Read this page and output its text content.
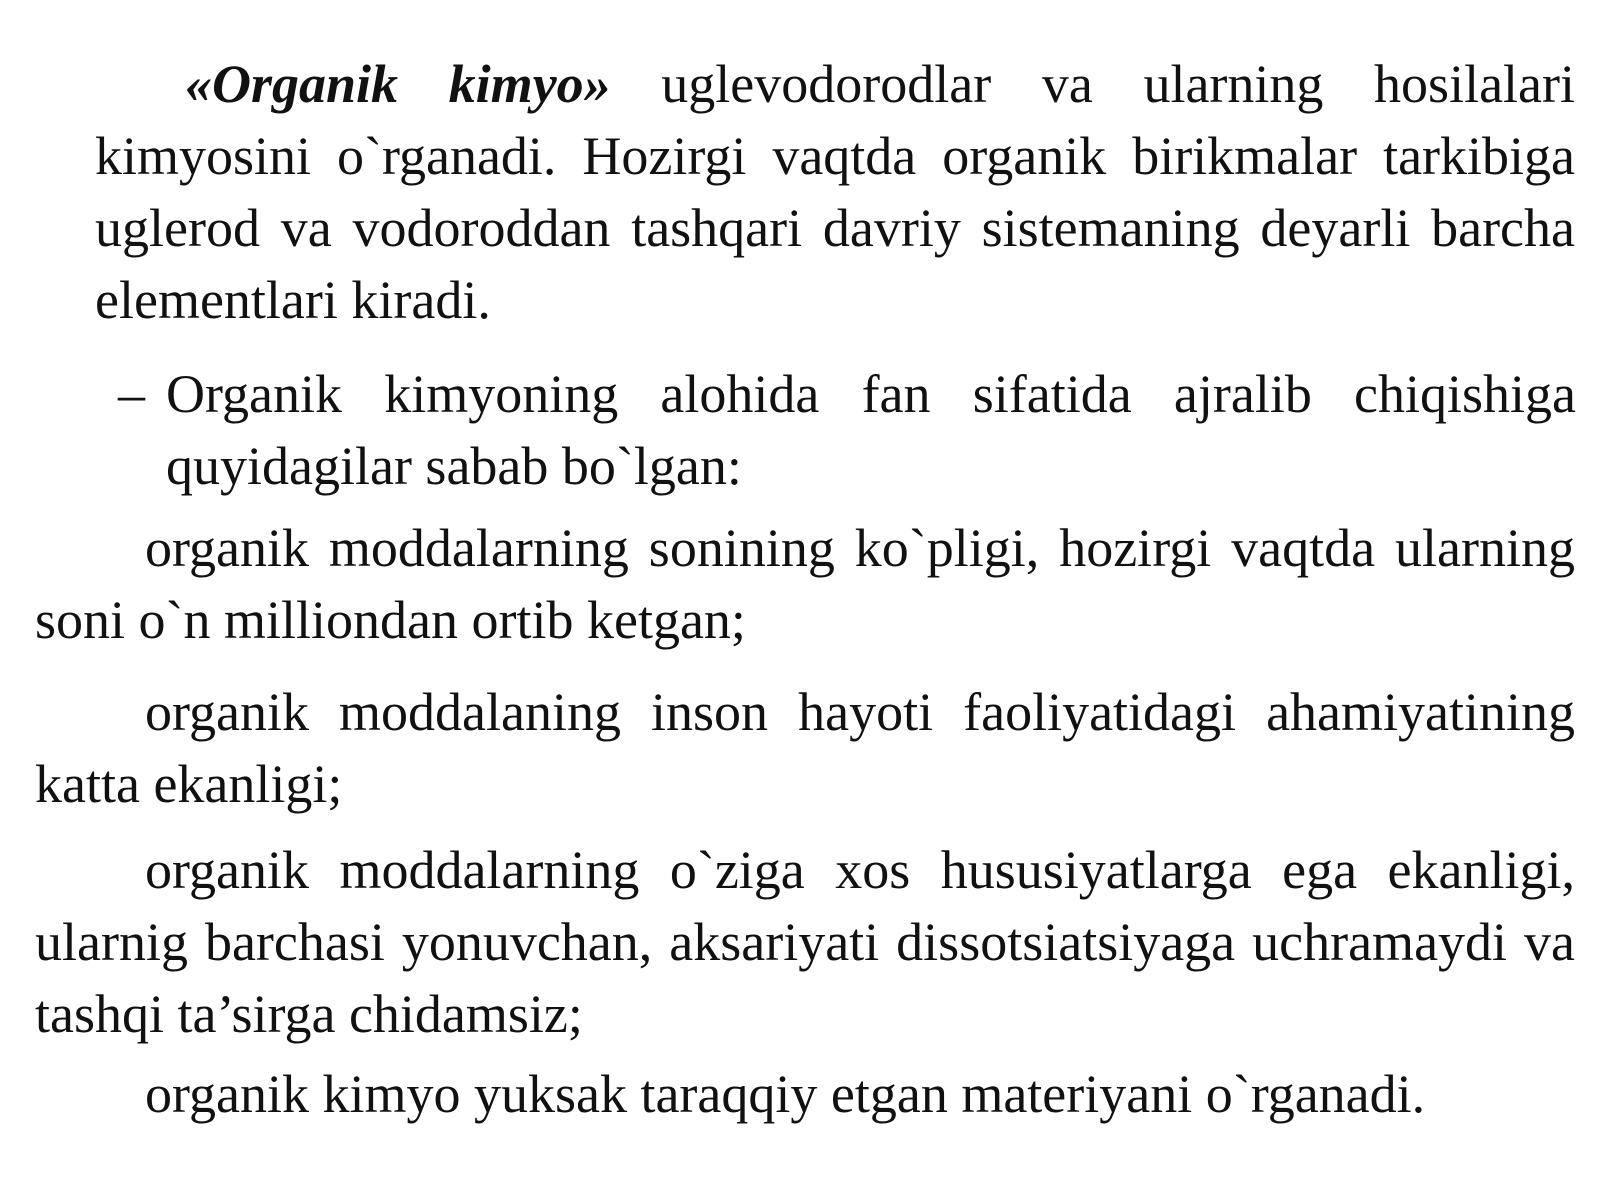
«Organik kimyo» uglevodorodlar va ularning hosilalari kimyosini o`rganadi. Hozirgi vaqtda organik birikmalar tarkibiga uglerod va vodoroddan tashqari davriy sistemaning deyarli barcha elementlari kiradi.

– Organik kimyoning alohida fan sifatida ajralib chiqishiga quyidagilar sabab bo`lgan:

organik moddalarning sonining ko`pligi, hozirgi vaqtda ularning soni o`n milliondan ortib ketgan;

organik moddalaning inson hayoti faoliyatidagi ahamiyatining katta ekanligi;

organik moddalarning o`ziga xos hususiyatlarga ega ekanligi, ularnig barchasi yonuvchan, aksariyati dissotsiatsiyaga uchramaydi va tashqi ta’sirga chidamsiz;

organik kimyo yuksak taraqqiy etgan materiyani o`rganadi.
